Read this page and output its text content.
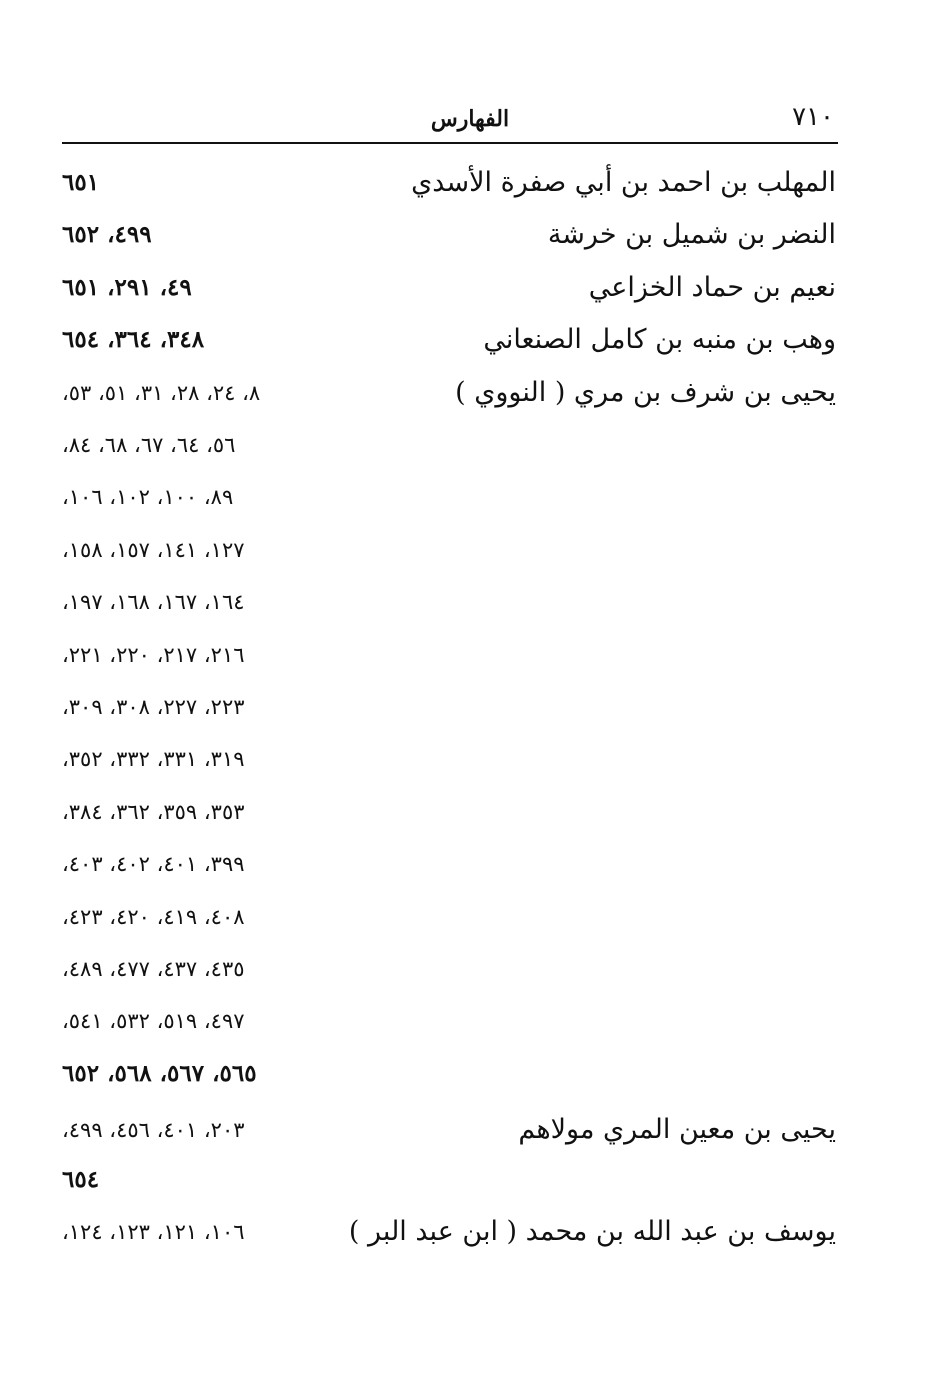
٧١٠
الفهارس
المهلب بن احمد بن أبي صفرة الأسدي
٦٥١
النضر بن شميل بن خرشة
٤٩٩، ٦٥٢
نعيم بن حماد الخزاعي
٤٩، ٢٩١، ٦٥١
وهب بن منبه بن كامل الصنعاني
٣٤٨، ٣٦٤، ٦٥٤
يحيى بن شرف بن مري ( النووي )
٨، ٢٤، ٢٨، ٣١، ٥١، ٥٣،
٥٦، ٦٤، ٦٧، ٦٨، ٨٤،
٨٩، ١٠٠، ١٠٢، ١٠٦،
١٢٧، ١٤١، ١٥٧، ١٥٨،
١٦٤، ١٦٧، ١٦٨، ١٩٧،
٢١٦، ٢١٧، ٢٢٠، ٢٢١،
٢٢٣، ٢٢٧، ٣٠٨، ٣٠٩،
٣١٩، ٣٣١، ٣٣٢، ٣٥٢،
٣٥٣، ٣٥٩، ٣٦٢، ٣٨٤،
٣٩٩، ٤٠١، ٤٠٢، ٤٠٣،
٤٠٨، ٤١٩، ٤٢٠، ٤٢٣،
٤٣٥، ٤٣٧، ٤٧٧، ٤٨٩،
٤٩٧، ٥١٩، ٥٣٢، ٥٤١،
٥٦٥، ٥٦٧، ٥٦٨، ٦٥٢
يحيى بن معين المري مولاهم
٢٠٣، ٤٠١، ٤٥٦، ٤٩٩،
٦٥٤
يوسف بن عبد الله بن محمد ( ابن عبد البر )
١٠٦، ١٢١، ١٢٣، ١٢٤،
